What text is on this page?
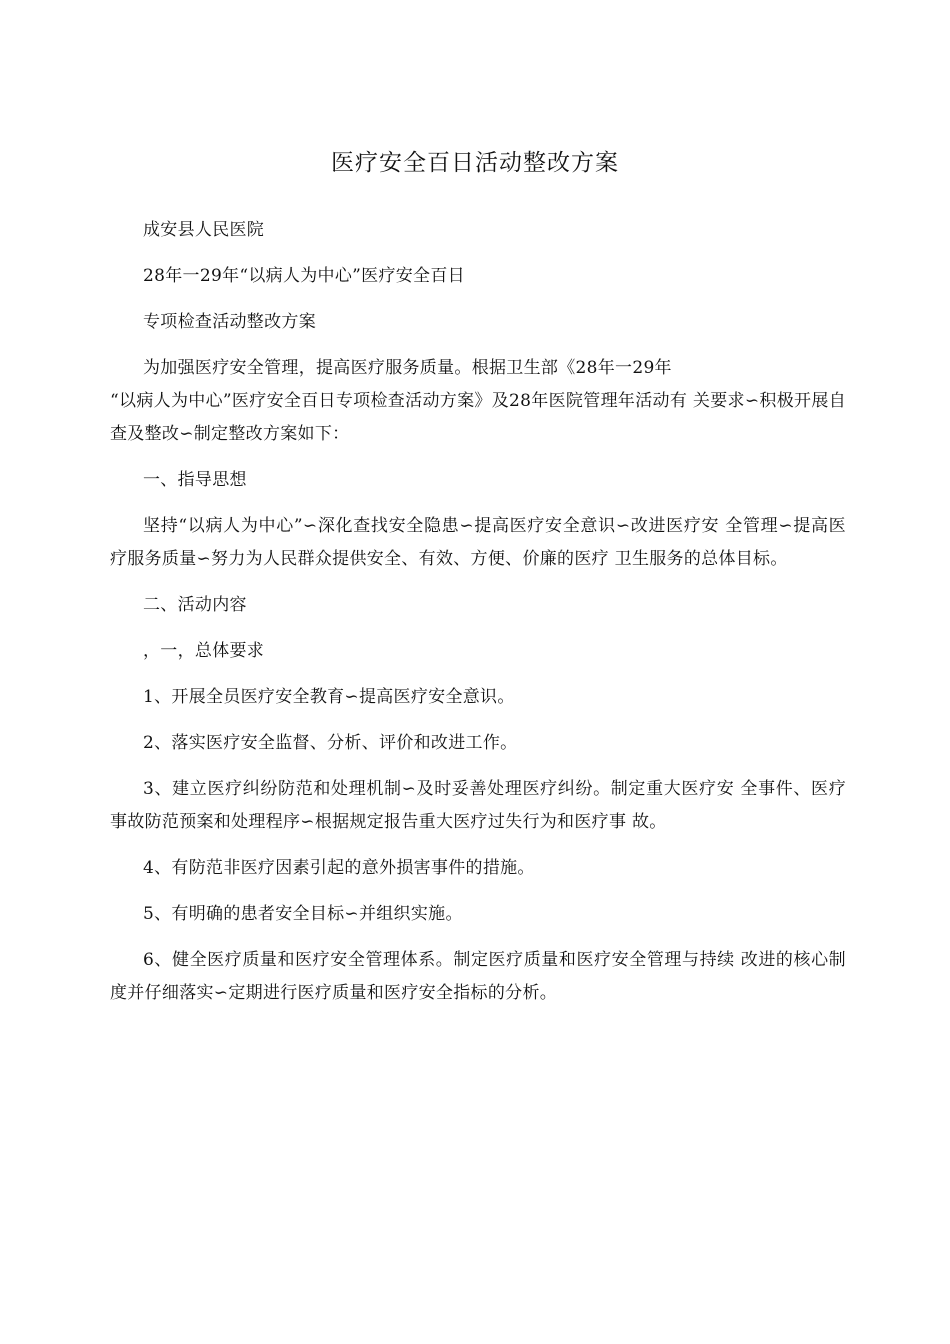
医疗安全百日活动整改方案

成安县人民医院

28年一29年“以病人为中心”医疗安全百日

专项检查活动整改方案

为加强医疗安全管理，提高医疗服务质量。根据卫生部《28年一29年

“以病人为中心”医疗安全百日专项检查活动方案》及28年医院管理年活动有 关要求∽积极开展自查及整改∽制定整改方案如下：

一、指导思想

坚持“以病人为中心”∽深化查找安全隐患∽提高医疗安全意识∽改进医疗安 全管理∽提高医疗服务质量∽努力为人民群众提供安全、有效、方便、价廉的医疗 卫生服务的总体目标。

二、活动内容

，一，总体要求

1、开展全员医疗安全教育∽提高医疗安全意识。

2、落实医疗安全监督、分析、评价和改进工作。

3、建立医疗纠纷防范和处理机制∽及时妥善处理医疗纠纷。制定重大医疗安 全事件、医疗事故防范预案和处理程序∽根据规定报告重大医疗过失行为和医疗事 故。

4、有防范非医疗因素引起的意外损害事件的措施。

5、有明确的患者安全目标∽并组织实施。

6、健全医疗质量和医疗安全管理体系。制定医疗质量和医疗安全管理与持续 改进的核心制度并仔细落实∽定期进行医疗质量和医疗安全指标的分析。
